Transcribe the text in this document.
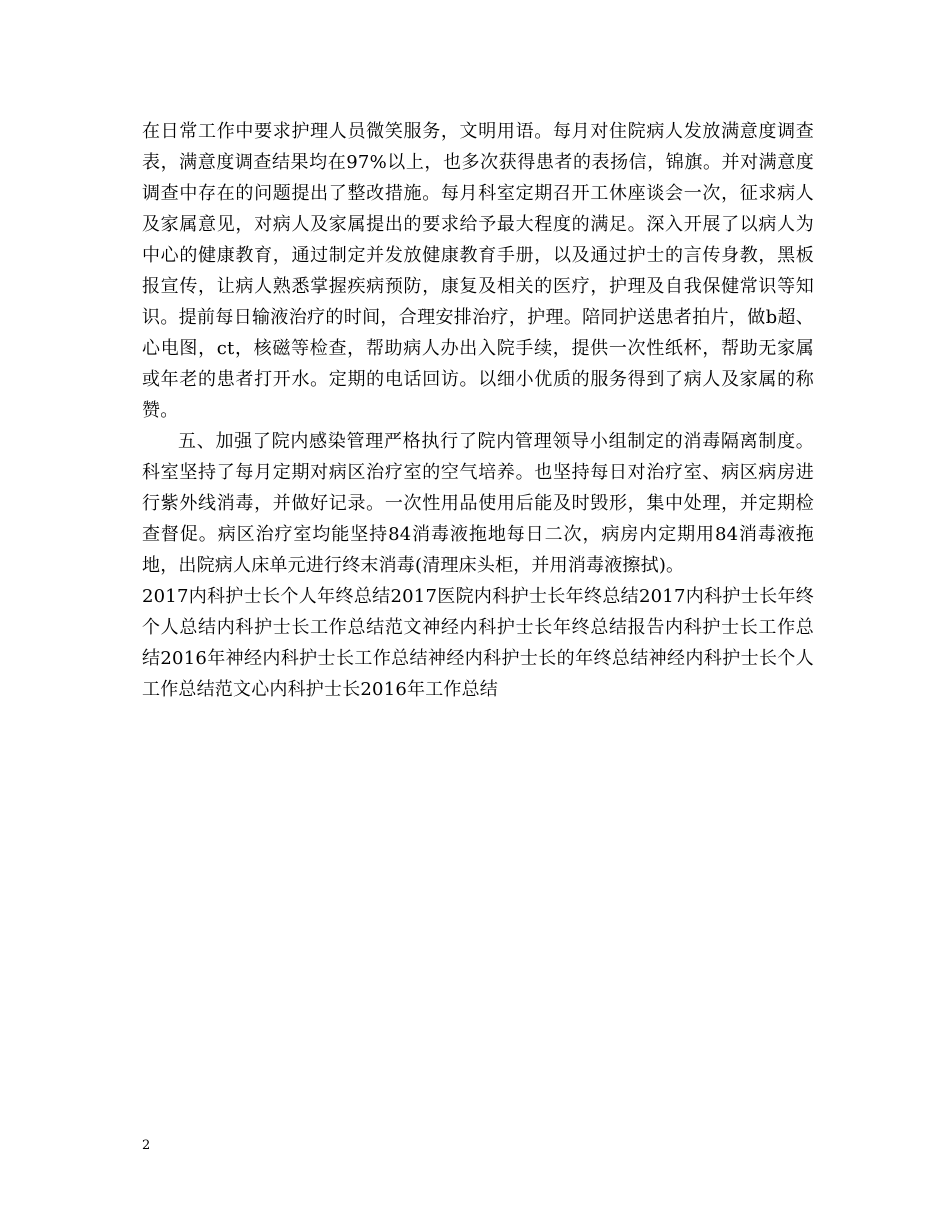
在日常工作中要求护理人员微笑服务，文明用语。每月对住院病人发放满意度调查表，满意度调查结果均在97%以上，也多次获得患者的表扬信，锦旗。并对满意度调查中存在的问题提出了整改措施。每月科室定期召开工休座谈会一次，征求病人及家属意见，对病人及家属提出的要求给予最大程度的满足。深入开展了以病人为中心的健康教育，通过制定并发放健康教育手册，以及通过护士的言传身教，黑板报宣传，让病人熟悉掌握疾病预防，康复及相关的医疗，护理及自我保健常识等知识。提前每日输液治疗的时间，合理安排治疗，护理。陪同护送患者拍片，做b超、心电图，ct，核磁等检查，帮助病人办出入院手续，提供一次性纸杯，帮助无家属或年老的患者打开水。定期的电话回访。以细小优质的服务得到了病人及家属的称赞。

五、加强了院内感染管理严格执行了院内管理领导小组制定的消毒隔离制度。科室坚持了每月定期对病区治疗室的空气培养。也坚持每日对治疗室、病区病房进行紫外线消毒，并做好记录。一次性用品使用后能及时毁形，集中处理，并定期检查督促。病区治疗室均能坚持84消毒液拖地每日二次，病房内定期用84消毒液拖地，出院病人床单元进行终末消毒(清理床头柜，并用消毒液擦拭)。

2017内科护士长个人年终总结2017医院内科护士长年终总结2017内科护士长年终个人总结内科护士长工作总结范文神经内科护士长年终总结报告内科护士长工作总结2016年神经内科护士长工作总结神经内科护士长的年终总结神经内科护士长个人工作总结范文心内科护士长2016年工作总结

2
